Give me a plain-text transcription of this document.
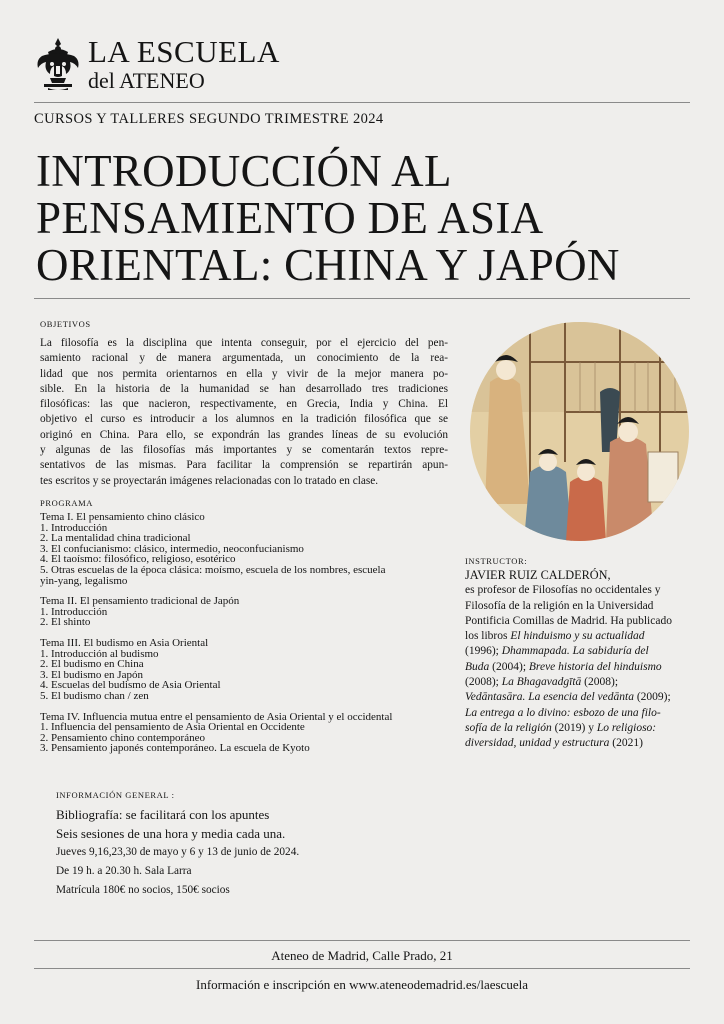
LA ESCUELA
del ATENEO
CURSOS Y TALLERES SEGUNDO TRIMESTRE 2024
INTRODUCCIÓN AL
PENSAMIENTO DE ASIA
ORIENTAL: CHINA Y JAPÓN
OBJETIVOS
La filosofía es la disciplina que intenta conseguir, por el ejercicio del pen-
samiento racional y de manera argumentada, un conocimiento de la rea-
lidad que nos permita orientarnos en ella y vivir de la mejor manera po-
sible. En la historia de la humanidad se han desarrollado tres tradiciones
filosóficas: las que nacieron, respectivamente, en Grecia, India y China. El
objetivo el curso es introducir a los alumnos en la tradición filosófica que se
originó en China. Para ello, se expondrán las grandes líneas de su evolución
y algunas de las filosofías más importantes y se comentarán textos repre-
sentativos de las mismas. Para facilitar la comprensión se repartirán apun-
tes escritos y se proyectarán imágenes relacionadas con lo tratado en clase.
PROGRAMA
Tema I. El pensamiento chino clásico
1. Introducción
2. La mentalidad china tradicional
3. El confucianismo: clásico, intermedio, neoconfucianismo
4. El taoísmo: filosófico, religioso, esotérico
5. Otras escuelas de la época clásica: moísmo, escuela de los nombres, escuela
yin-yang, legalismo
Tema II. El pensamiento tradicional de Japón
1. Introducción
2. El shinto
Tema III. El budismo en Asia Oriental
1. Introducción al budismo
2. El budismo en China
3. El budismo en Japón
4. Escuelas del budismo de Asia Oriental
5. El budismo chan / zen
Tema IV. Influencia mutua entre el pensamiento de Asia Oriental y el occidental
1. Influencia del pensamiento de Asia Oriental en Occidente
2. Pensamiento chino contemporáneo
3. Pensamiento japonés contemporáneo. La escuela de Kyoto
INSTRUCTOR:
JAVIER RUIZ CALDERÓN,
es profesor de Filosofías no occidentales y
Filosofía de la religión en la Universidad
Pontificia Comillas de Madrid. Ha publicado
los libros El hinduismo y su actualidad
(1996); Dhammapada. La sabiduría del
Buda (2004); Breve historia del hinduismo
(2008); La Bhagavadgītā (2008);
Vedāntasāra. La esencia del vedānta (2009);
La entrega a lo divino: esbozo de una filo-
sofía de la religión (2019) y Lo religioso:
diversidad, unidad y estructura (2021)
INFORMACIÓN GENERAL :
Bibliografía: se facilitará con los apuntes
Seis sesiones de una hora y media cada una.
Jueves 9,16,23,30 de mayo y 6 y 13 de junio de 2024.
De 19 h. a 20.30 h. Sala Larra
Matrícula 180€ no socios, 150€ socios
Ateneo de Madrid, Calle Prado, 21
Información e inscripción en www.ateneodemadrid.es/laescuela
